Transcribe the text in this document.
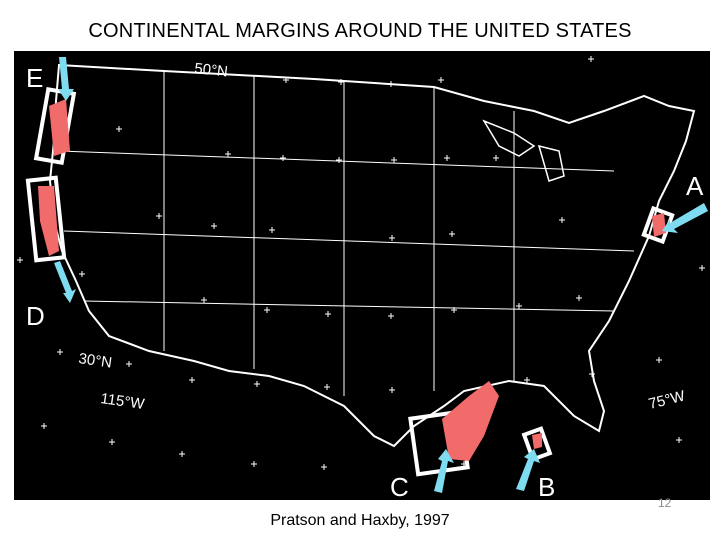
CONTINENTAL MARGINS AROUND THE UNITED STATES
E
D
A
C	B
50°N
30°N
115°W	75°W
Pratson and Haxby, 1997
12
